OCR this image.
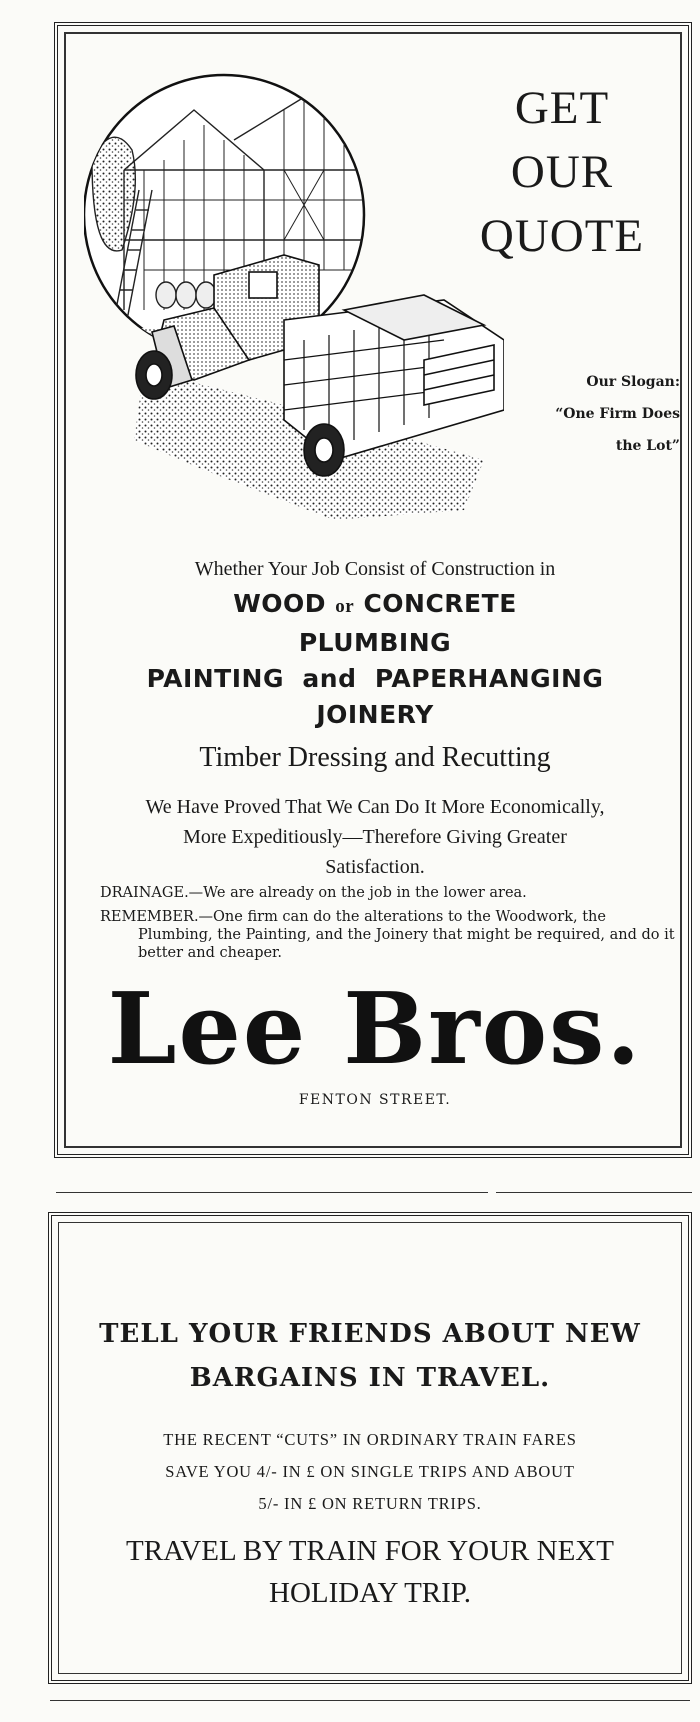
GET
OUR
QUOTE
Our Slogan:
“One Firm Does
the Lot”
Whether Your Job Consist of Construction in
WOOD or CONCRETE
PLUMBING
PAINTING and PAPERHANGING
JOINERY
Timber Dressing and Recutting
We Have Proved That We Can Do It More Economically,
More Expeditiously—Therefore Giving Greater
Satisfaction.
DRAINAGE.—We are already on the job in the lower area.
REMEMBER.—One firm can do the alterations to the Woodwork, the Plumbing, the Painting, and the Joinery that might be required, and do it better and cheaper.
Lee Bros.
FENTON STREET.
TELL YOUR FRIENDS ABOUT NEW
BARGAINS IN TRAVEL.
THE RECENT “CUTS” IN ORDINARY TRAIN FARES
SAVE YOU 4/- IN £ ON SINGLE TRIPS AND ABOUT
5/- IN £ ON RETURN TRIPS.
TRAVEL BY TRAIN FOR YOUR NEXT
HOLIDAY TRIP.
